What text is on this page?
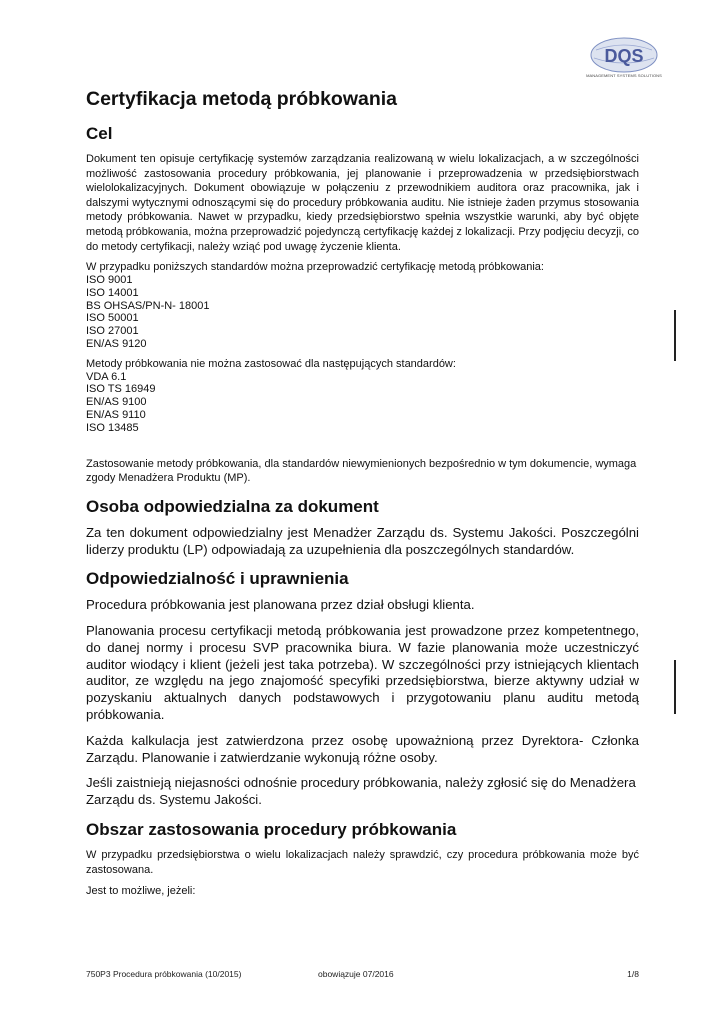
DQS
MANAGEMENT SYSTEMS SOLUTIONS
Certyfikacja metodą próbkowania
Cel

Dokument ten opisuje certyfikację systemów zarządzania realizowaną w wielu lokalizacjach, a w szczególności możliwość zastosowania procedury próbkowania, jej planowanie i przeprowadzenia w przedsiębiorstwach wielolokalizacyjnych. Dokument obowiązuje w połączeniu z przewodnikiem auditora oraz pracownika, jak i dalszymi wytycznymi odnoszącymi się do procedury próbkowania auditu. Nie istnieje żaden przymus stosowania metody próbkowania. Nawet w przypadku, kiedy przedsiębiorstwo spełnia wszystkie warunki, aby być objęte metodą próbkowania, można przeprowadzić pojedynczą certyfikację każdej z lokalizacji. Przy podjęciu decyzji, co do metody certyfikacji, należy wziąć pod uwagę życzenie klienta.

W przypadku poniższych standardów można przeprowadzić certyfikację metodą próbkowania:
ISO 9001
ISO 14001
BS OHSAS/PN-N- 18001
ISO 50001
ISO 27001
EN/AS 9120
Metody próbkowania nie można zastosować dla następujących standardów:
VDA 6.1
ISO TS 16949
EN/AS 9100
EN/AS 9110
ISO 13485

Zastosowanie metody próbkowania, dla standardów niewymienionych bezpośrednio w tym dokumencie, wymaga zgody Menadżera Produktu (MP).

Osoba odpowiedzialna za dokument

Za ten dokument odpowiedzialny jest Menadżer Zarządu ds. Systemu Jakości. Poszczególni liderzy produktu (LP) odpowiadają za uzupełnienia dla poszczególnych standardów.

Odpowiedzialność i uprawnienia

Procedura próbkowania jest planowana przez dział obsługi klienta.

Planowania procesu certyfikacji metodą próbkowania jest prowadzone przez kompetentnego, do danej normy i procesu SVP pracownika biura. W fazie planowania może uczestniczyć auditor wiodący i klient (jeżeli jest taka potrzeba). W szczególności przy istniejących klientach auditor, ze względu na jego znajomość specyfiki przedsiębiorstwa, bierze aktywny udział w pozyskaniu aktualnych danych podstawowych i przygotowaniu planu auditu metodą próbkowania.

Każda kalkulacja jest zatwierdzona przez osobę upoważnioną przez Dyrektora- Członka Zarządu. Planowanie i zatwierdzanie wykonują różne osoby.

Jeśli zaistnieją niejasności odnośnie procedury próbkowania, należy zgłosić się do Menadżera Zarządu ds. Systemu Jakości.

Obszar zastosowania procedury próbkowania

W przypadku przedsiębiorstwa o wielu lokalizacjach należy sprawdzić, czy procedura próbkowania może być zastosowana.

Jest to możliwe, jeżeli:

750P3 Procedura próbkowania (10/2015)	obowiązuje 07/2016	1/8
